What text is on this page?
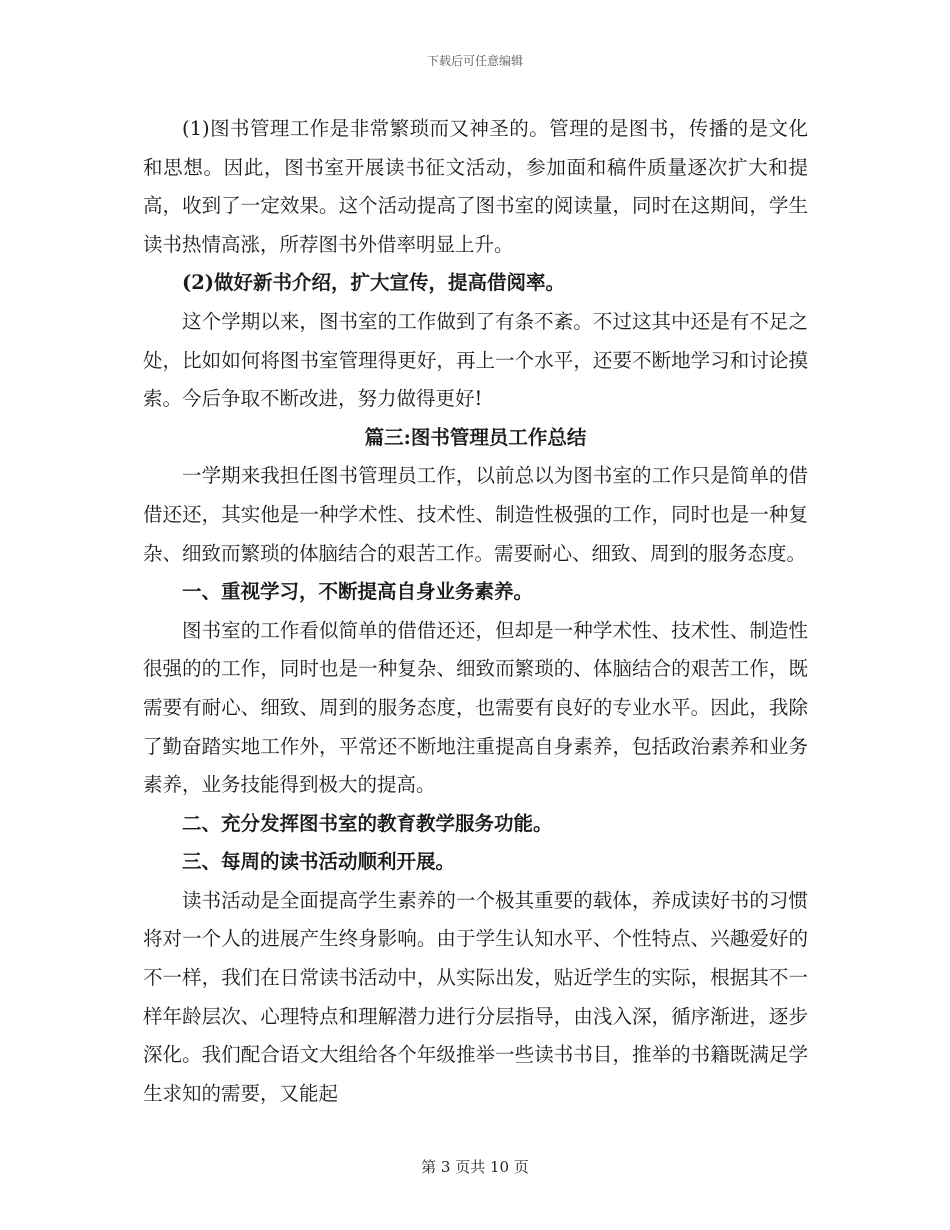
下载后可任意编辑

(1)图书管理工作是非常繁琐而又神圣的。管理的是图书，传播的是文化和思想。因此，图书室开展读书征文活动，参加面和稿件质量逐次扩大和提高，收到了一定效果。这个活动提高了图书室的阅读量，同时在这期间，学生读书热情高涨，所荐图书外借率明显上升。

(2)做好新书介绍，扩大宣传，提高借阅率。

这个学期以来，图书室的工作做到了有条不紊。不过这其中还是有不足之处，比如如何将图书室管理得更好，再上一个水平，还要不断地学习和讨论摸索。今后争取不断改进，努力做得更好!

篇三:图书管理员工作总结

一学期来我担任图书管理员工作，以前总以为图书室的工作只是简单的借借还还，其实他是一种学术性、技术性、制造性极强的工作，同时也是一种复杂、细致而繁琐的体脑结合的艰苦工作。需要耐心、细致、周到的服务态度。

一、重视学习，不断提高自身业务素养。

图书室的工作看似简单的借借还还，但却是一种学术性、技术性、制造性很强的的工作，同时也是一种复杂、细致而繁琐的、体脑结合的艰苦工作，既需要有耐心、细致、周到的服务态度，也需要有良好的专业水平。因此，我除了勤奋踏实地工作外，平常还不断地注重提高自身素养，包括政治素养和业务素养，业务技能得到极大的提高。

二、充分发挥图书室的教育教学服务功能。

三、每周的读书活动顺利开展。

读书活动是全面提高学生素养的一个极其重要的载体，养成读好书的习惯将对一个人的进展产生终身影响。由于学生认知水平、个性特点、兴趣爱好的不一样，我们在日常读书活动中，从实际出发，贴近学生的实际，根据其不一样年龄层次、心理特点和理解潜力进行分层指导，由浅入深，循序渐进，逐步深化。我们配合语文大组给各个年级推举一些读书书目，推举的书籍既满足学生求知的需要，又能起

第 3 页共 10 页
